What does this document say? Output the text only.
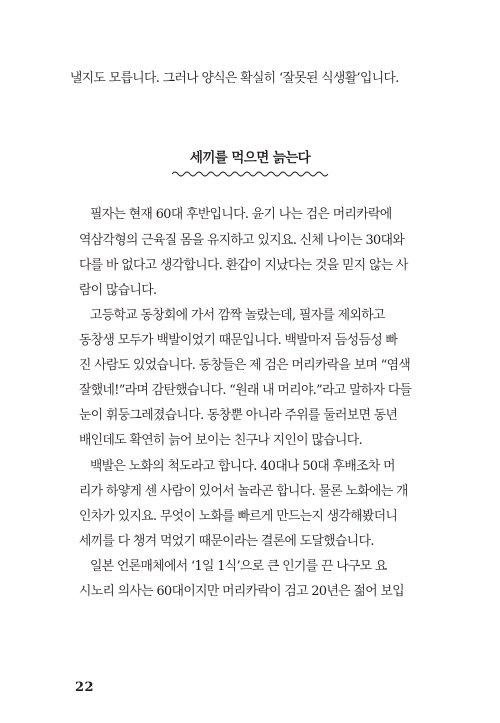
낼지도 모릅니다. 그러나 양식은 확실히 ‘잘못된 식생활’입니다.
세끼를 먹으면 늙는다
필자는 현재 60대 후반입니다. 윤기 나는 검은 머리카락에
역삼각형의 근육질 몸을 유지하고 있지요. 신체 나이는 30대와
다를 바 없다고 생각합니다. 환갑이 지났다는 것을 믿지 않는 사
람이 많습니다.
고등학교 동창회에 가서 깜짝 놀랐는데, 필자를 제외하고
동창생 모두가 백발이었기 때문입니다. 백발마저 듬성듬성 빠
진 사람도 있었습니다. 동창들은 제 검은 머리카락을 보며 “염색
잘했네!”라며 감탄했습니다. “원래 내 머리야.”라고 말하자 다들
눈이 휘둥그레졌습니다. 동창뿐 아니라 주위를 둘러보면 동년
배인데도 확연히 늙어 보이는 친구나 지인이 많습니다.
백발은 노화의 척도라고 합니다. 40대나 50대 후배조차 머
리가 하얗게 센 사람이 있어서 놀라곤 합니다. 물론 노화에는 개
인차가 있지요. 무엇이 노화를 빠르게 만드는지 생각해봤더니
세끼를 다 챙겨 먹었기 때문이라는 결론에 도달했습니다.
일본 언론매체에서 ‘1일 1식’으로 큰 인기를 끈 나구모 요
시노리 의사는 60대이지만 머리카락이 검고 20년은 젊어 보입
22
